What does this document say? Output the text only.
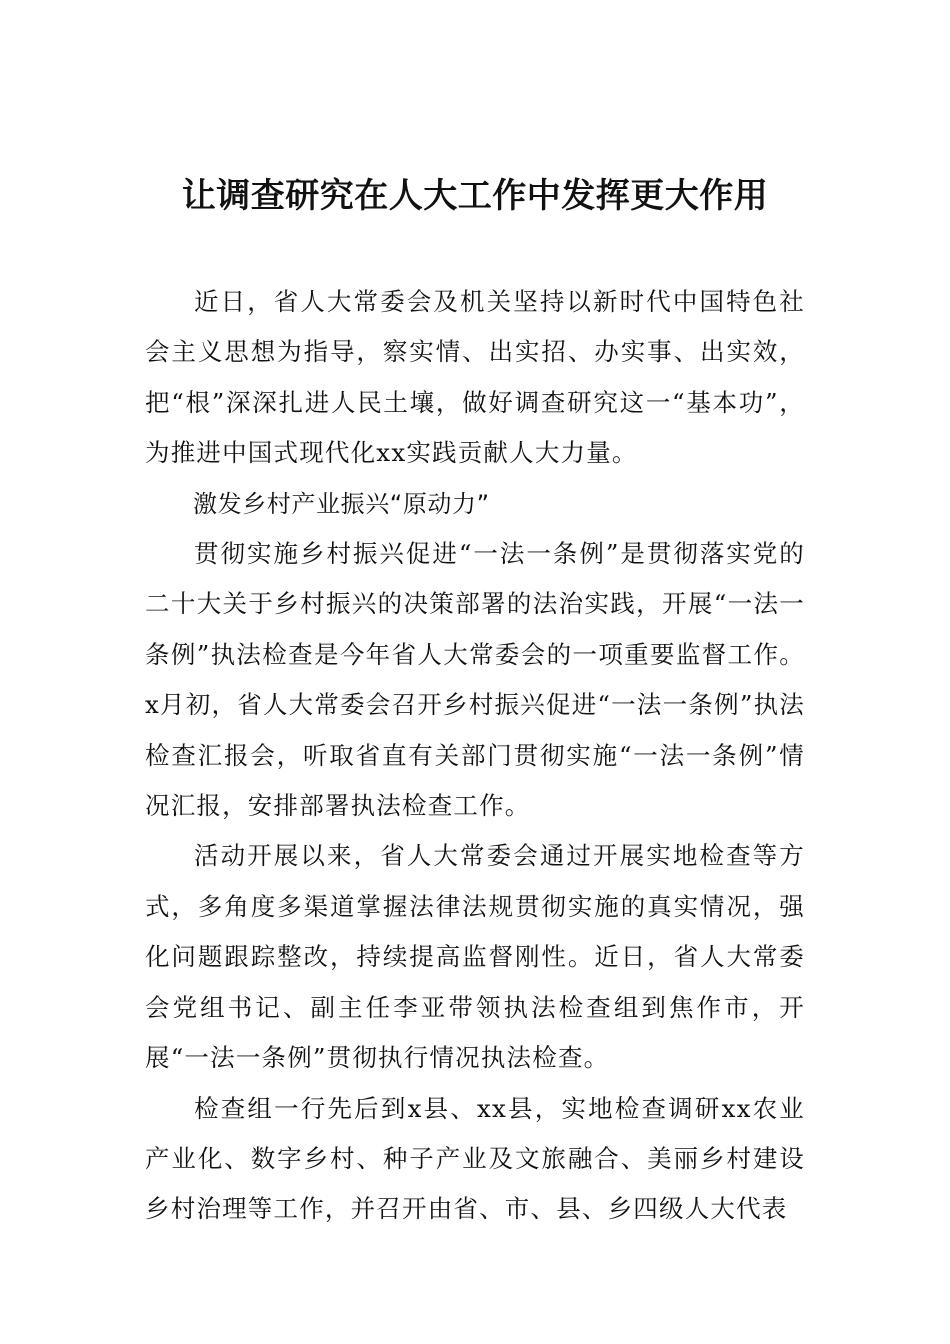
让调查研究在人大工作中发挥更大作用

近日，省人大常委会及机关坚持以新时代中国特色社会主义思想为指导，察实情、出实招、办实事、出实效，把“根”深深扎进人民土壤，做好调查研究这一“基本功”，为推进中国式现代化xx实践贡献人大力量。

激发乡村产业振兴“原动力”

贯彻实施乡村振兴促进“一法一条例”是贯彻落实党的二十大关于乡村振兴的决策部署的法治实践，开展“一法一条例”执法检查是今年省人大常委会的一项重要监督工作。x月初，省人大常委会召开乡村振兴促进“一法一条例”执法检查汇报会，听取省直有关部门贯彻实施“一法一条例”情况汇报，安排部署执法检查工作。

活动开展以来，省人大常委会通过开展实地检查等方式，多角度多渠道掌握法律法规贯彻实施的真实情况，强化问题跟踪整改，持续提高监督刚性。近日，省人大常委会党组书记、副主任李亚带领执法检查组到焦作市，开展“一法一条例”贯彻执行情况执法检查。

检查组一行先后到x县、xx县，实地检查调研xx农业产业化、数字乡村、种子产业及文旅融合、美丽乡村建设乡村治理等工作，并召开由省、市、县、乡四级人大代表
